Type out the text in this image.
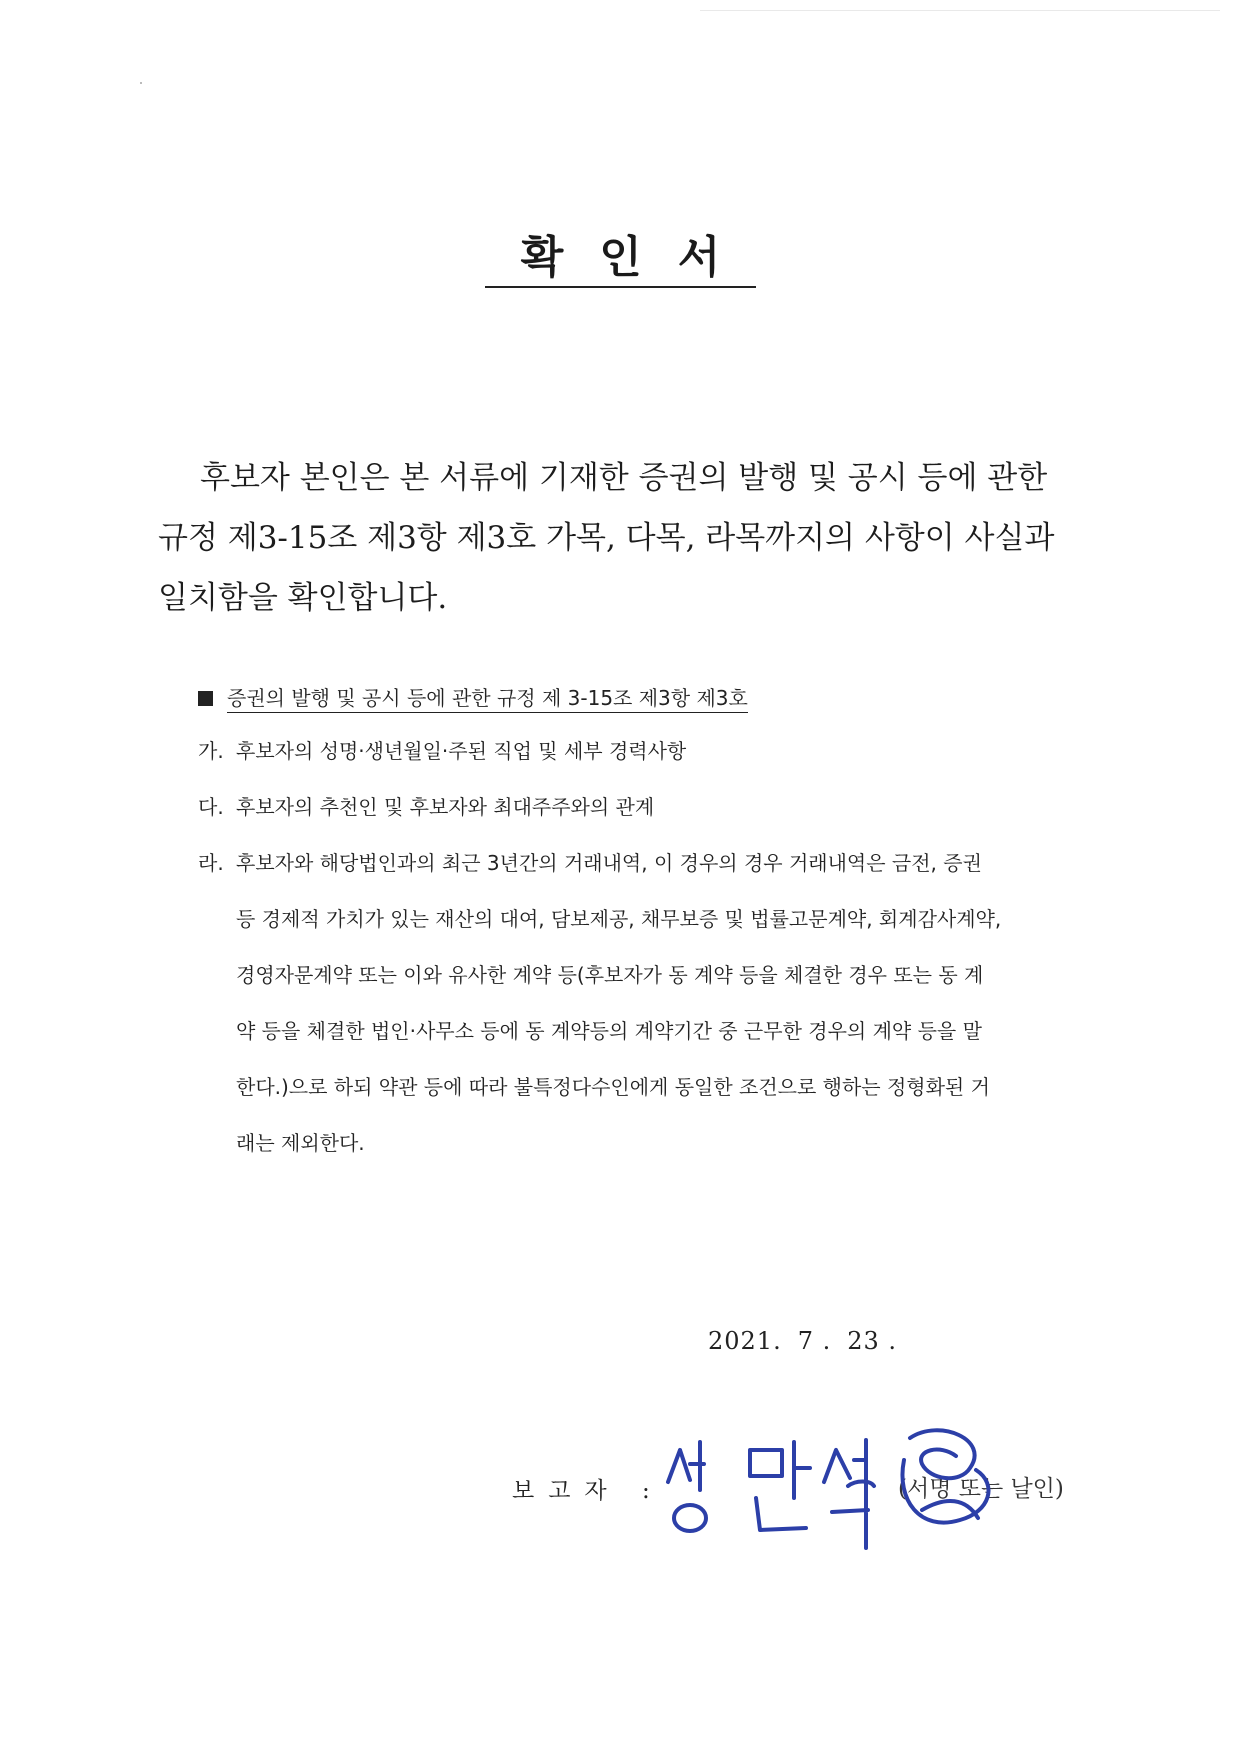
확인서
후보자 본인은 본 서류에 기재한 증권의 발행 및 공시 등에 관한
규정 제3-15조 제3항 제3호 가목, 다목, 라목까지의 사항이 사실과
일치함을 확인합니다.
증권의 발행 및 공시 등에 관한 규정 제 3-15조 제3항 제3호
가. 후보자의 성명·생년월일·주된 직업 및 세부 경력사항
다. 후보자의 추천인 및 후보자와 최대주주와의 관계
라. 후보자와 해당법인과의 최근 3년간의 거래내역, 이 경우의 경우 거래내역은 금전, 증권
등 경제적 가치가 있는 재산의 대여, 담보제공, 채무보증 및 법률고문계약, 회계감사계약,
경영자문계약 또는 이와 유사한 계약 등(후보자가 동 계약 등을 체결한 경우 또는 동 계
약 등을 체결한 법인·사무소 등에 동 계약등의 계약기간 중 근무한 경우의 계약 등을 말
한다.)으로 하되 약관 등에 따라 불특정다수인에게 동일한 조건으로 행하는 정형화된 거
래는 제외한다.
2021. 7 . 23 .
보고자 :	(서명 또는 날인)
